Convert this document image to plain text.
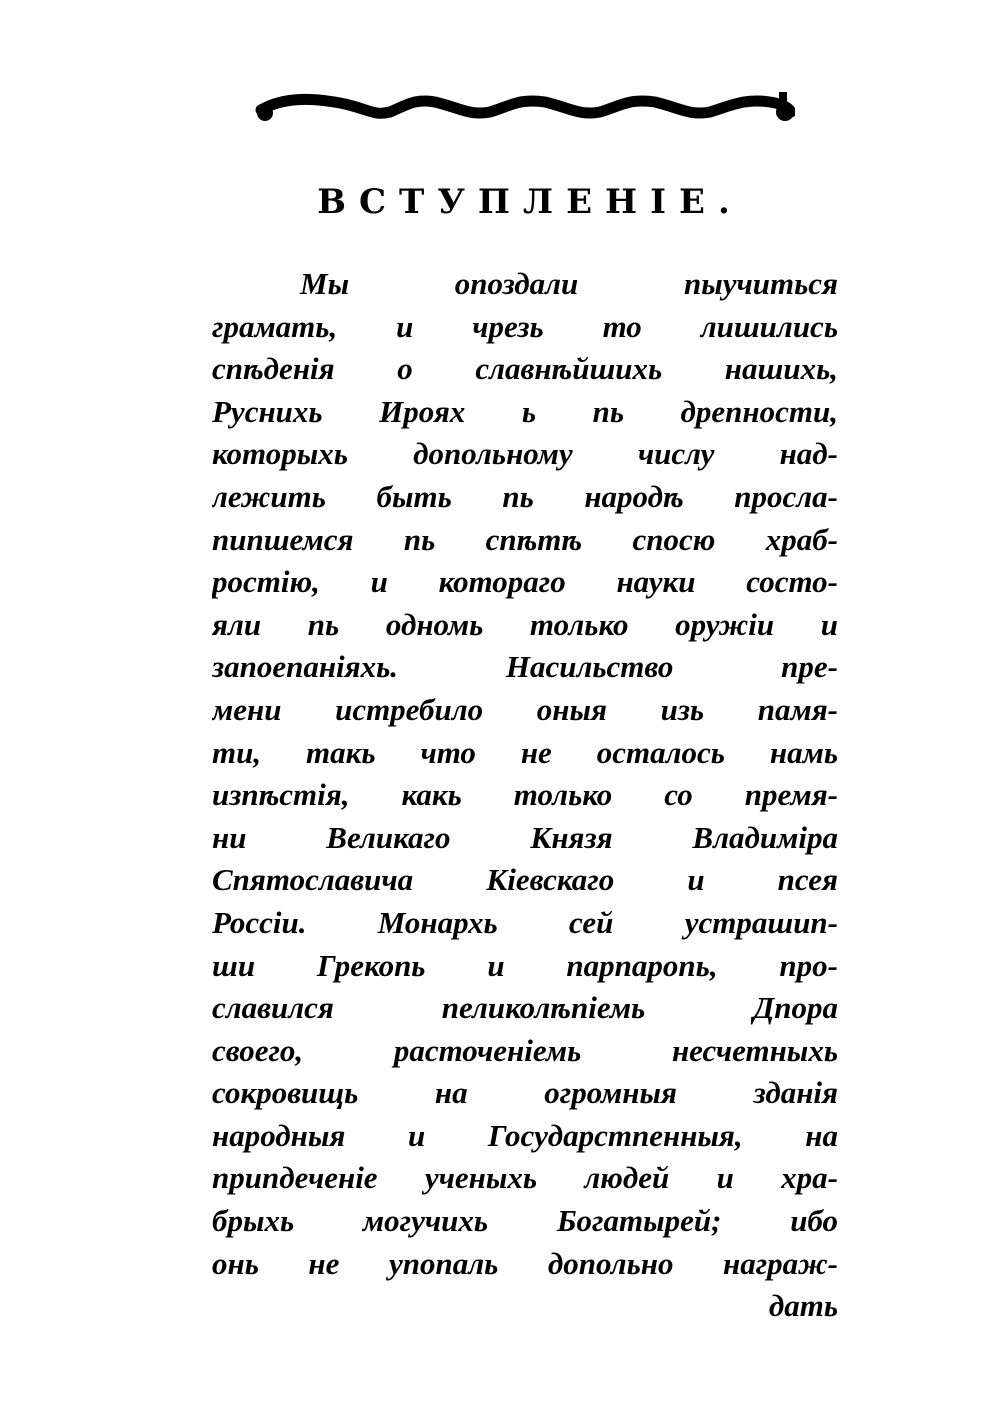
ВСТУПЛЕНІЕ.
Мы опоздали пыучиться
грамать, и чрезь то лишились
спѣденія о славнѣйшихь нашихь,
Руснихь Ироях ь пь дрепности,
которыхь допольному числу над-
лежить быть пь народѣ просла-
пипшемся пь спѣтѣ спосю храб-
ростію, и котораго науки состо-
яли пь одномь только оружіи и
запоепаніяхь. Насильство пре-
мени истребило оныя изь памя-
ти, такь что не осталось намь
изпѣстія, какь только со премя-
ни Великаго Князя Владиміра
Спятославича Кіевскаго и псея
Россіи. Монархь сей устрашип-
ши Грекопь и парпаропь, про-
славился пеликолѣпіемь Дпора
своего, расточеніемь несчетныхь
сокровищь на огромныя зданія
народныя и Государстпенныя, на
припдеченіе ученыхь людей и хра-
брыхь могучихь Богатырей; ибо
онь не упопаль допольно награж-
дать
